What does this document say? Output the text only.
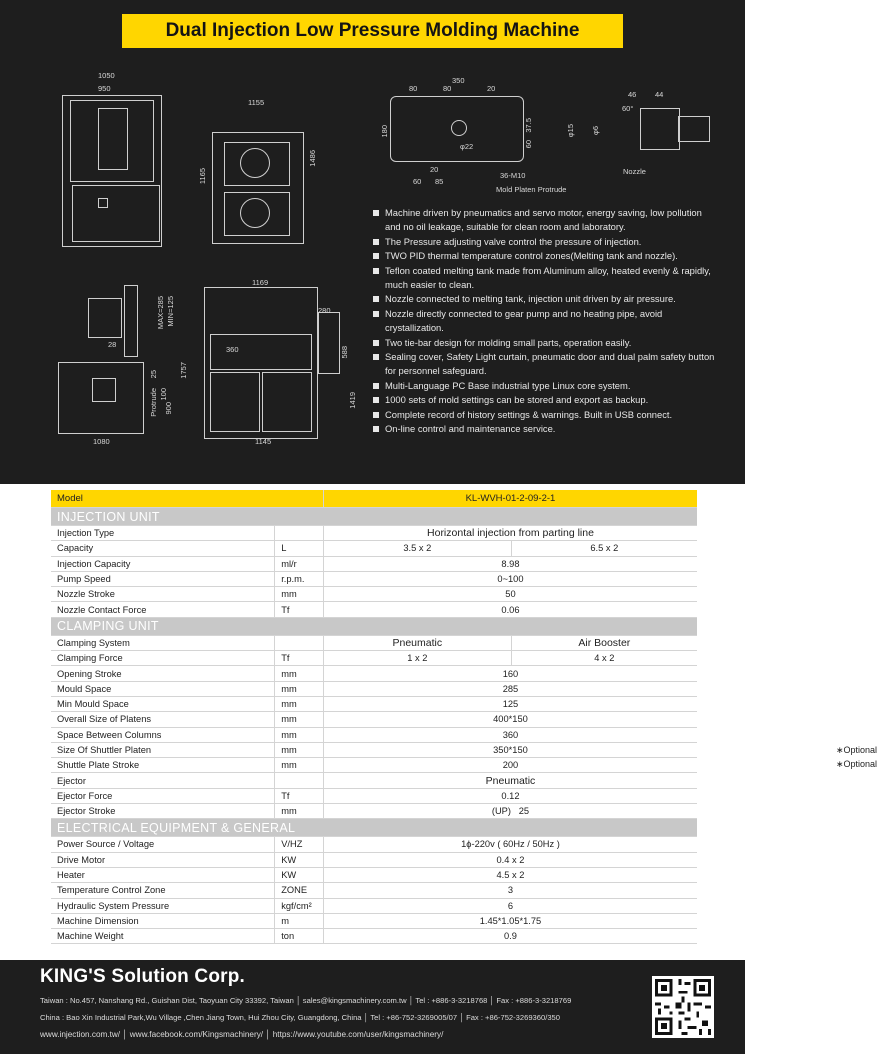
Dual Injection Low Pressure Molding Machine
1050
950
1155
1165
1486
350
80	80	20
180	37.5
60
φ22
20
60 85
36-M10
Mold Platen Protrude
46 44
60°
φ15 φ6
Nozzle
MAX=285 MIN=125
28
25
100
Protrude 900
1757
1080
1169
280
360	588
1419
1145
Machine driven by pneumatics and servo motor, energy saving, low pollution and no oil leakage, suitable for clean room and laboratory.
The Pressure adjusting valve control the pressure of injection.
TWO PID thermal temperature control zones(Melting tank and nozzle).
Teflon coated melting tank made from Aluminum alloy, heated evenly & rapidly, much easier to clean.
Nozzle connected to melting tank, injection unit driven by air pressure.
Nozzle directly connected to gear pump and no heating pipe, avoid crystallization.
Two tie-bar design for molding small parts, operation easily.
Sealing cover, Safety Light curtain, pneumatic door and dual palm safety button for personnel safeguard.
Multi-Language PC Base industrial type Linux core system.
1000 sets of mold settings can be stored and export as backup.
Complete record of history settings & warnings. Built in USB connect.
On-line control and maintenance service.
Model		KL-WVH-01-2-09-2-1	
INJECTION UNIT			
Injection Type		Horizontal injection from parting line	
Capacity	L	3.5 x 2	6.5 x 2
Injection Capacity	ml/r	8.98	
Pump Speed	r.p.m.	0~100	
Nozzle Stroke	mm	50	
Nozzle Contact Force	Tf	0.06	
CLAMPING UNIT			
Clamping System		Pneumatic	Air Booster
Clamping Force	Tf	1 x 2	4 x 2
Opening Stroke	mm	160	
Mould Space	mm	285	
Min Mould Space	mm	125	
Overall Size of Platens	mm	400*150	
Space Between Columns	mm	360	
Size Of Shuttler Platen	mm	350*150 ∗Optional	

Shuttle Plate Stroke	mm	200 ∗Optional	

Ejector		Pneumatic	
Ejector Force	Tf	0.12	
Ejector Stroke	mm	(UP)   25	
ELECTRICAL EQUIPMENT & GENERAL			
Power Source / Voltage	V/HZ	1ϕ-220v ( 60Hz / 50Hz )	
Drive Motor	KW	0.4 x 2	
Heater	KW	4.5 x 2	
Temperature Control Zone	ZONE	3	
Hydraulic System Pressure	kgf/cm²	6	
Machine Dimension	m	1.45*1.05*1.75	
Machine Weight	ton	0.9	
KING'S Solution Corp.
Taiwan : No.457, Nanshang Rd., Guishan Dist, Taoyuan City 33392, Taiwan │ sales@kingsmachinery.com.tw │ Tel : +886-3-3218768 │ Fax : +886-3-3218769
China : Bao Xin Industrial Park,Wu Village ,Chen Jiang Town, Hui Zhou City, Guangdong, China │ Tel : +86-752-3269005/07 │ Fax : +86-752-3269360/350
www.injection.com.tw/ │ www.facebook.com/Kingsmachinery/ │ https://www.youtube.com/user/kingsmachinery/
